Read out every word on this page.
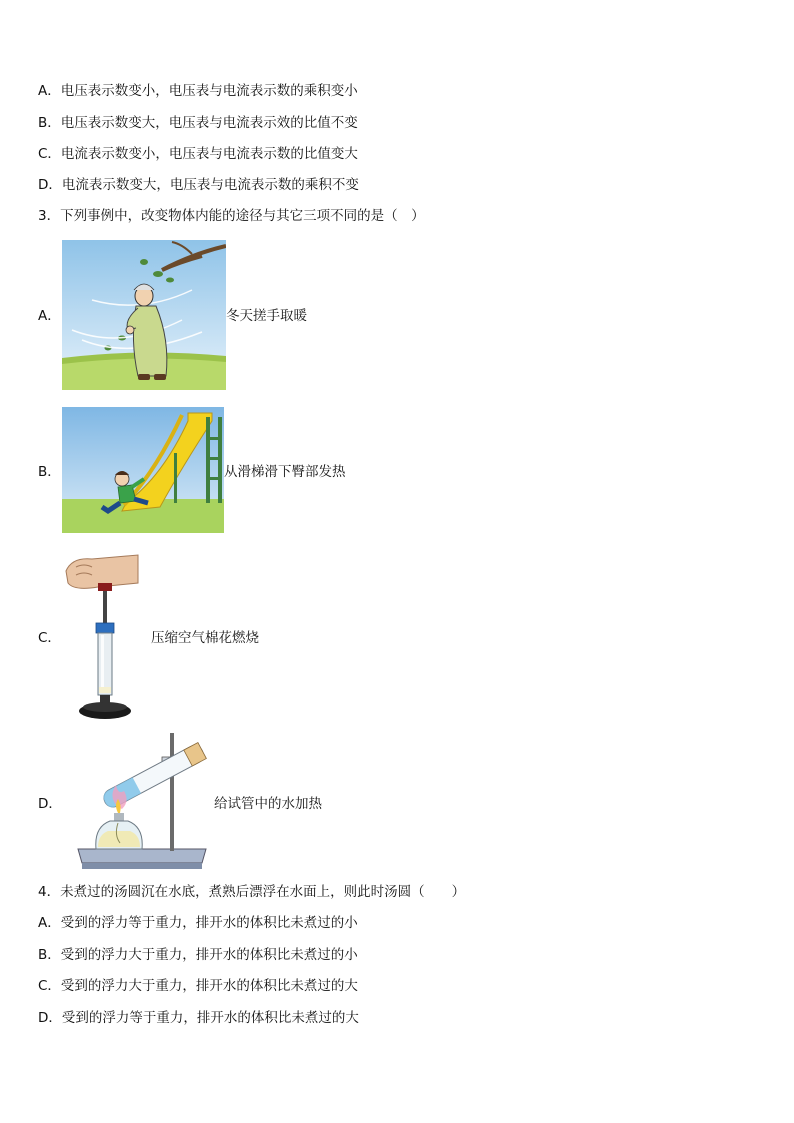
A．电压表示数变小，电压表与电流表示数的乘积变小
B．电压表示数变大，电压表与电流表示效的比值不变
C．电流表示数变小，电压表与电流表示数的比值变大
D．电流表示数变大，电压表与电流表示数的乘积不变
3．下列事例中，改变物体内能的途径与其它三项不同的是（　）
A．	冬天搓手取暖
B．	从滑梯滑下臀部发热
C．	压缩空气棉花燃烧
D．	给试管中的水加热
4．未煮过的汤圆沉在水底，煮熟后漂浮在水面上，则此时汤圆（　　）
A．受到的浮力等于重力，排开水的体积比未煮过的小
B．受到的浮力大于重力，排开水的体积比未煮过的小
C．受到的浮力大于重力，排开水的体积比未煮过的大
D．受到的浮力等于重力，排开水的体积比未煮过的大
